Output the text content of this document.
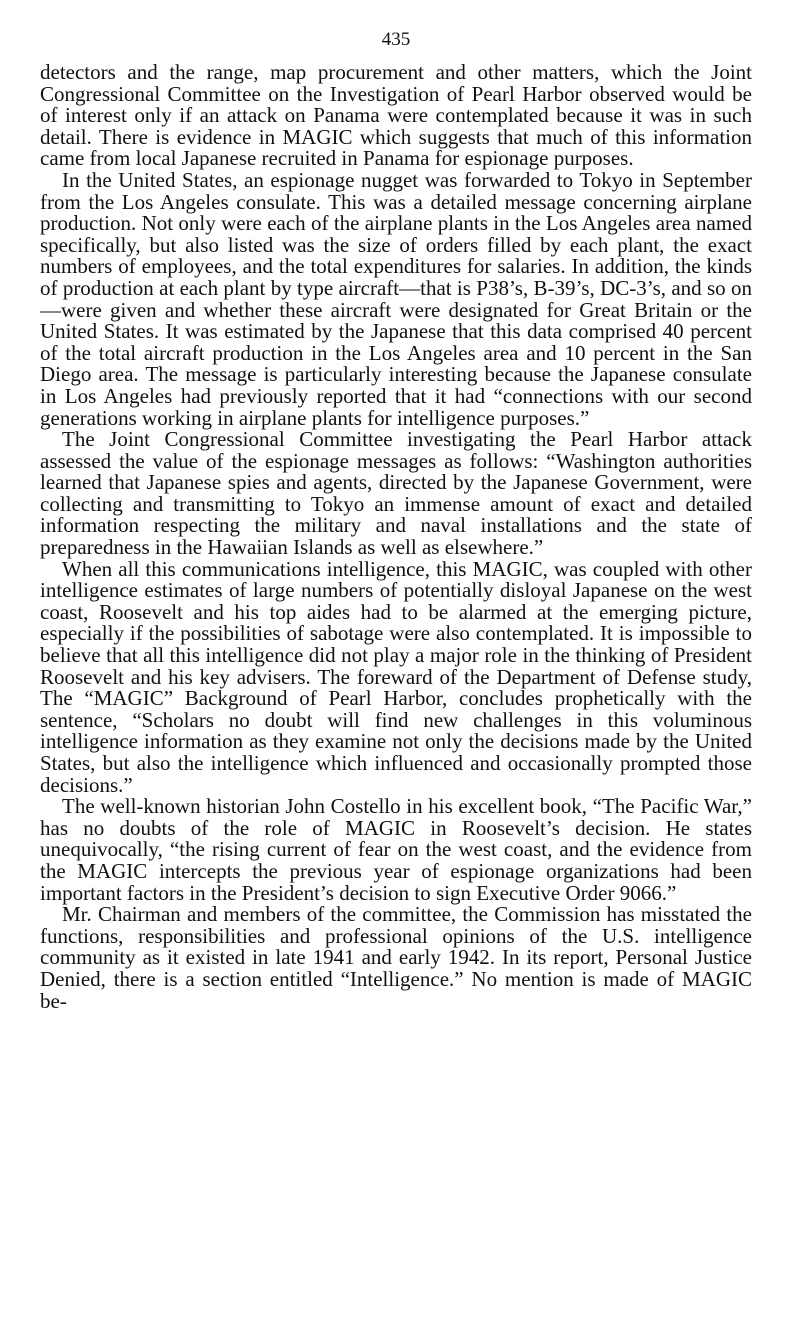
435

detectors and the range, map procurement and other matters, which the Joint Congressional Committee on the Investigation of Pearl Harbor observed would be of interest only if an attack on Panama were contemplated because it was in such detail. There is evidence in MAGIC which suggests that much of this information came from local Japanese recruited in Panama for espionage purposes.

In the United States, an espionage nugget was forwarded to Tokyo in September from the Los Angeles consulate. This was a detailed message concerning airplane production. Not only were each of the airplane plants in the Los Angeles area named specifically, but also listed was the size of orders filled by each plant, the exact numbers of employees, and the total expenditures for salaries. In addition, the kinds of production at each plant by type aircraft—that is P38’s, B-39’s, DC-3’s, and so on—were given and whether these aircraft were designated for Great Britain or the United States. It was estimated by the Japanese that this data comprised 40 percent of the total aircraft production in the Los Angeles area and 10 percent in the San Diego area. The message is particularly interesting because the Japanese consulate in Los Angeles had previously reported that it had “connections with our second generations working in airplane plants for intelligence purposes.”

The Joint Congressional Committee investigating the Pearl Harbor attack assessed the value of the espionage messages as follows: “Washington authorities learned that Japanese spies and agents, directed by the Japanese Government, were collecting and transmitting to Tokyo an immense amount of exact and detailed information respecting the military and naval installations and the state of preparedness in the Hawaiian Islands as well as elsewhere.”

When all this communications intelligence, this MAGIC, was coupled with other intelligence estimates of large numbers of potentially disloyal Japanese on the west coast, Roosevelt and his top aides had to be alarmed at the emerging picture, especially if the possibilities of sabotage were also contemplated. It is impossible to believe that all this intelligence did not play a major role in the thinking of President Roosevelt and his key advisers. The foreward of the Department of Defense study, The “MAGIC” Background of Pearl Harbor, concludes prophetically with the sentence, “Scholars no doubt will find new challenges in this voluminous intelligence information as they examine not only the decisions made by the United States, but also the intelligence which influenced and occasionally prompted those decisions.”

The well-known historian John Costello in his excellent book, “The Pacific War,” has no doubts of the role of MAGIC in Roosevelt’s decision. He states unequivocally, “the rising current of fear on the west coast, and the evidence from the MAGIC intercepts the previous year of espionage organizations had been important factors in the President’s decision to sign Executive Order 9066.”

Mr. Chairman and members of the committee, the Commission has misstated the functions, responsibilities and professional opinions of the U.S. intelligence community as it existed in late 1941 and early 1942. In its report, Personal Justice Denied, there is a section entitled “Intelligence.” No mention is made of MAGIC be-
